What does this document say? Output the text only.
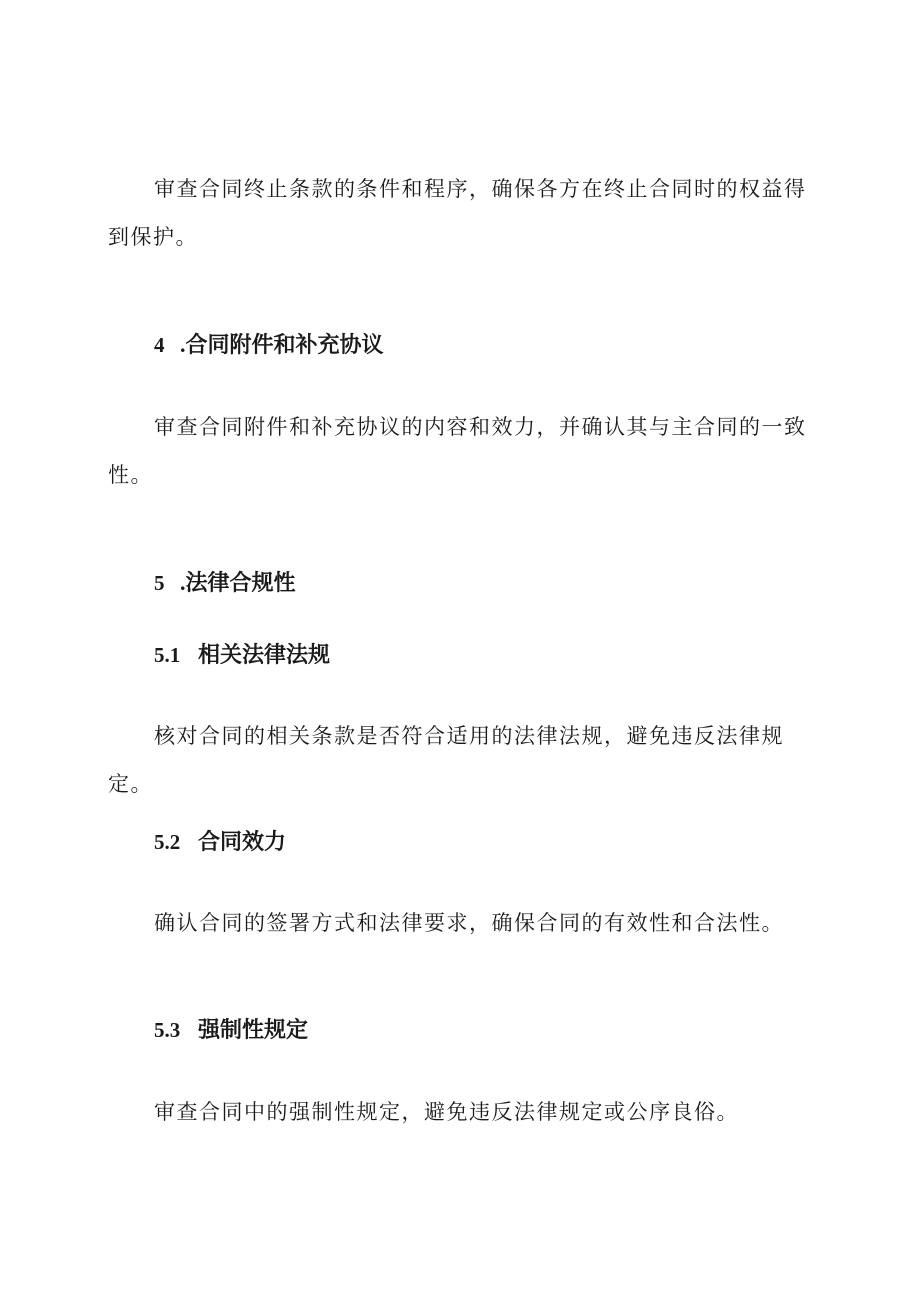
审查合同终止条款的条件和程序，确保各方在终止合同时的权益得到保护。

4 .合同附件和补充协议

审查合同附件和补充协议的内容和效力，并确认其与主合同的一致性。

5 .法律合规性
5.1 相关法律法规

核对合同的相关条款是否符合适用的法律法规，避免违反法律规定。

5.2 合同效力

确认合同的签署方式和法律要求，确保合同的有效性和合法性。

5.3 强制性规定

审查合同中的强制性规定，避免违反法律规定或公序良俗。
